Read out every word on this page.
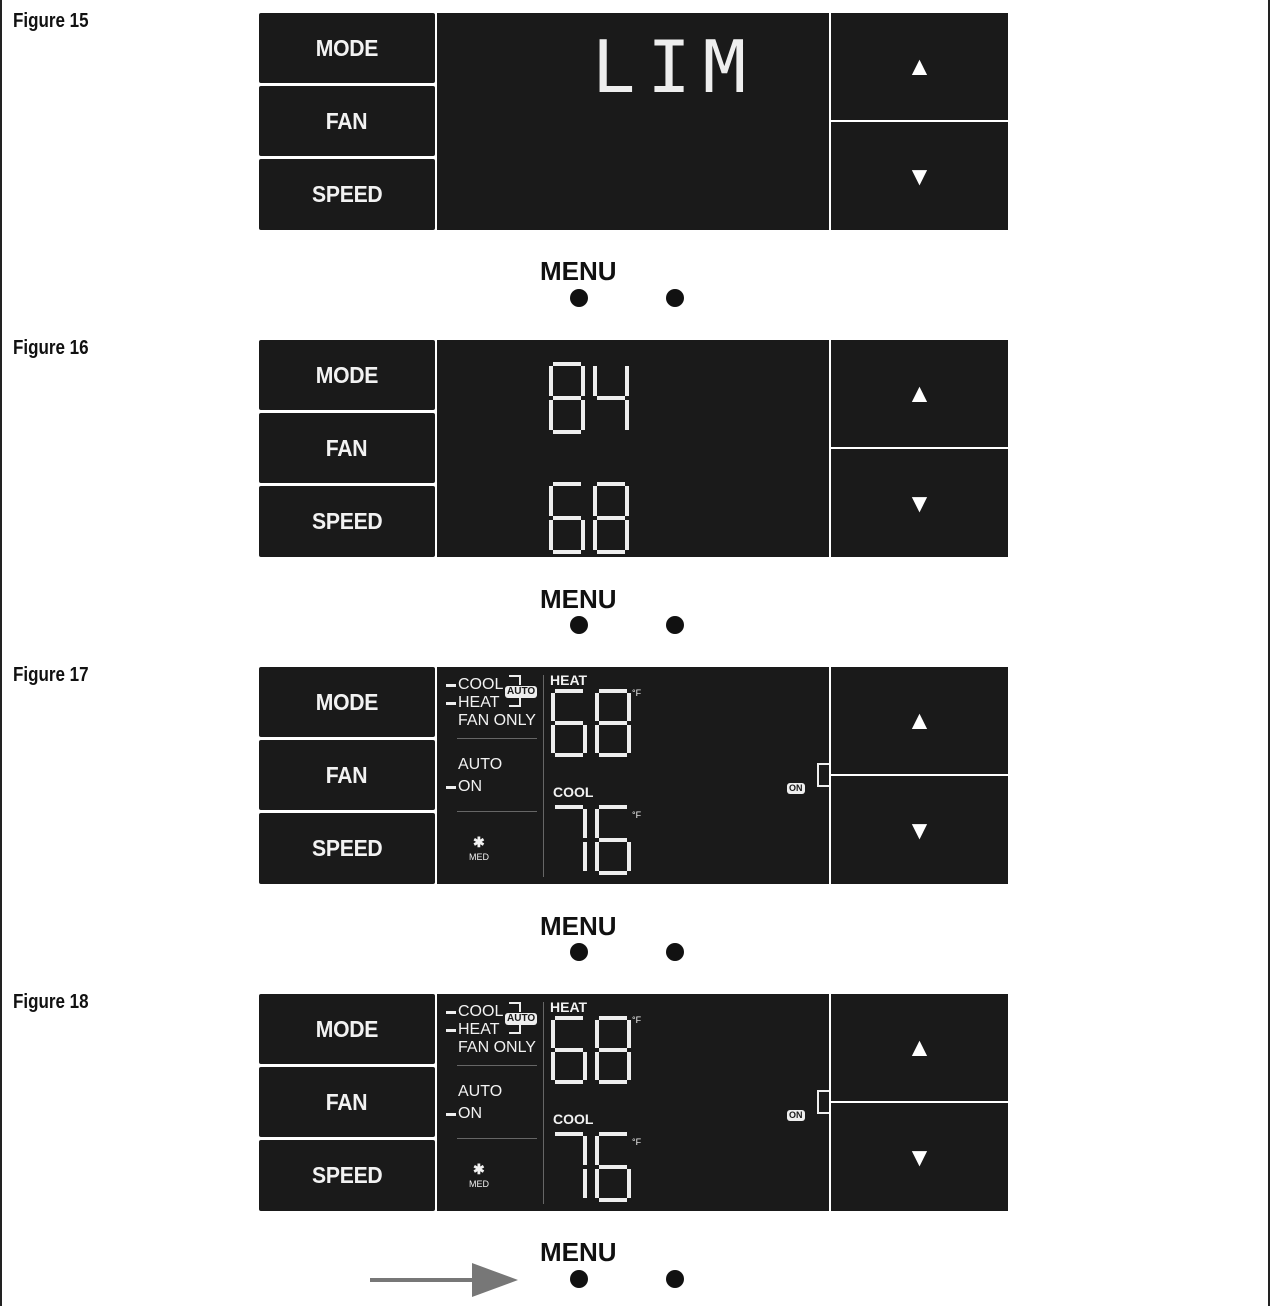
Figure 15
MODE
FAN
SPEED
LIM	▲
▼
MENU
Figure 16
MODE
FAN
SPEED
▲
▼
MENU
MODE
FAN
SPEED
COOL
HEAT
AUTO
FAN ONLY
AUTO
ON
✱
MED
HEAT
°F
COOL
°F
ON
▲
▼
MODE
FAN
SPEED
COOL
HEAT
AUTO
FAN ONLY
AUTO
ON
✱
MED
HEAT
°F
COOL
°F
ON
▲
▼
Figure 17
MENU
Figure 18
MENU
